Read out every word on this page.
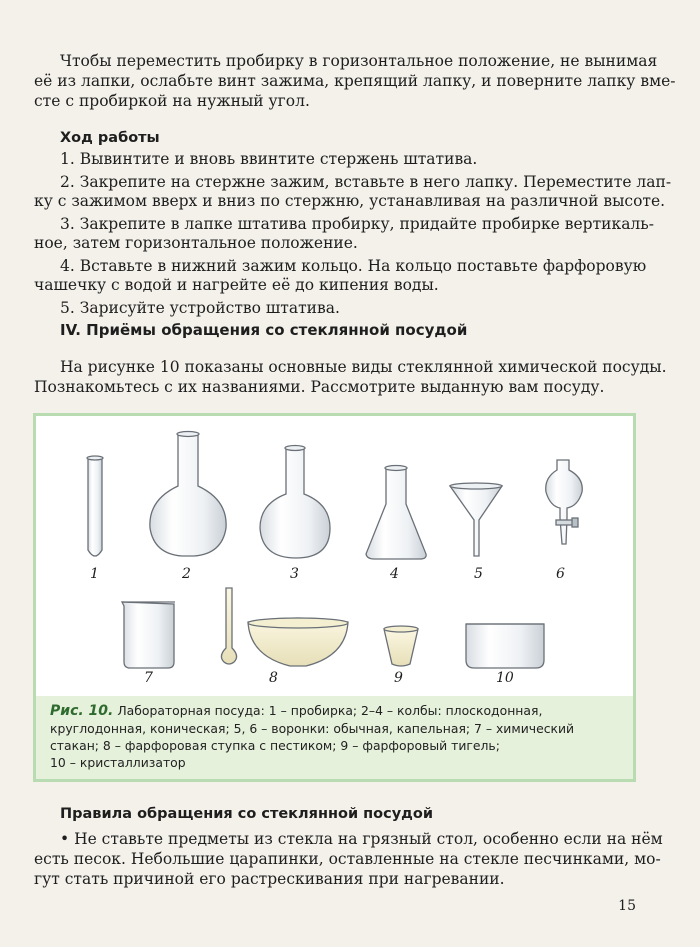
Чтобы переместить пробирку в горизонтальное положение, не вынимая
её из лапки, ослабьте винт зажима, крепящий лапку, и поверните лапку вме-
сте с пробиркой на нужный угол.
Ход работы
1. Вывинтите и вновь ввинтите стержень штатива.
2. Закрепите на стержне зажим, вставьте в него лапку. Переместите лап-
ку с зажимом вверх и вниз по стержню, устанавливая на различной высоте.
3. Закрепите в лапке штатива пробирку, придайте пробирке вертикаль-
ное, затем горизонтальное положение.
4. Вставьте в нижний зажим кольцо. На кольцо поставьте фарфоровую
чашечку с водой и нагрейте её до кипения воды.
5. Зарисуйте устройство штатива.
IV. Приёмы обращения со стеклянной посудой
На рисунке 10 показаны основные виды стеклянной химической посуды.
Познакомьтесь с их названиями. Рассмотрите выданную вам посуду.
1	2	3	4	5	6
7	8	9	10
Рис. 10. Лабораторная посуда: 1 – пробирка; 2–4 – колбы: плоскодонная,
круглодонная, коническая; 5, 6 – воронки: обычная, капельная; 7 – химический
стакан; 8 – фарфоровая ступка с пестиком; 9 – фарфоровый тигель;
10 – кристаллизатор
Правила обращения со стеклянной посудой
• Не ставьте предметы из стекла на грязный стол, особенно если на нём
есть песок. Небольшие царапинки, оставленные на стекле песчинками, мо-
гут стать причиной его растрескивания при нагревании.
15
